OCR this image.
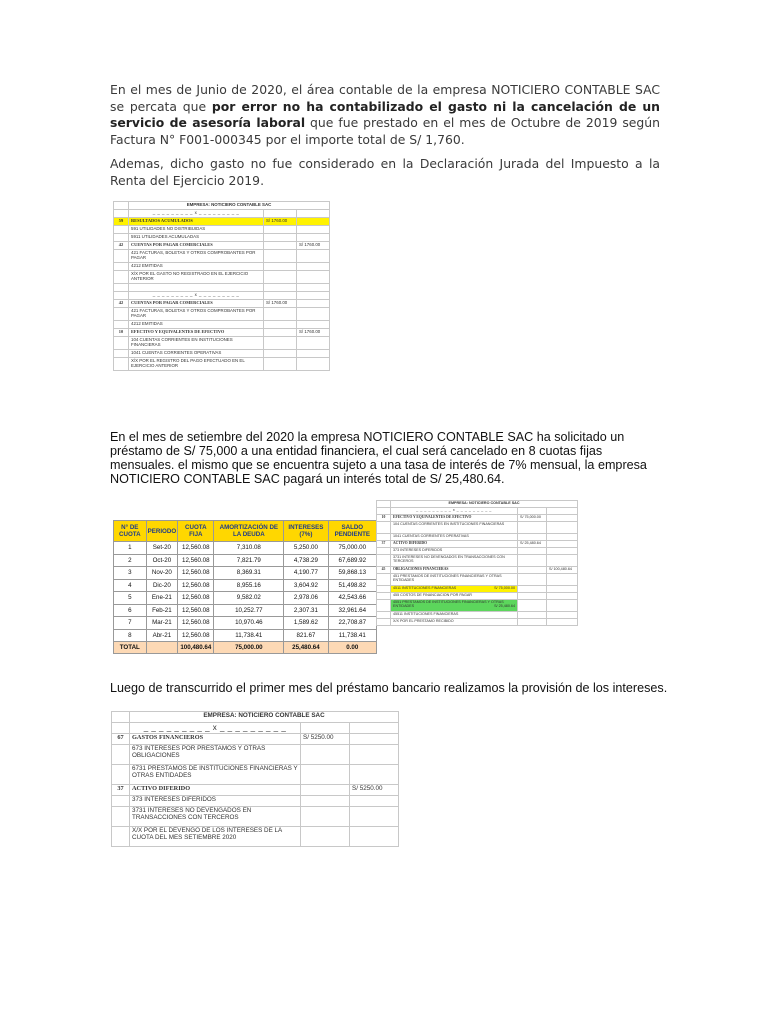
En el mes de Junio de 2020, el área contable de la empresa NOTICIERO CONTABLE SAC se percata que por error no ha contabilizado el gasto ni la cancelación de un servicio de asesoría laboral que fue prestado en el mes de Octubre de 2019 según Factura N° F001-000345 por el importe total de S/ 1,760.

Ademas, dicho gasto no fue considerado en la Declaración Jurada del Impuesto a la Renta del Ejercicio 2019.

	EMPRESA: NOTICIERO CONTABLE SAC		
	_ _ _ _ _ _ _ _ _ x _ _ _ _ _ _ _ _ _		
59	RESULTADOS ACUMULADOS	S/ 1760.00	
	591 UTILIDADES NO DISTRIBUIDAS		
	5911 UTILIDADES ACUMULADAS		
42	CUENTAS POR PAGAR COMERCIALES		S/ 1760.00
	421 FACTURAS, BOLETAS Y OTROS COMPROBANTES POR PAGAR		
	4212 EMITIDAS		
	X/X POR EL GASTO NO REGISTRADO EN EL EJERCICIO ANTERIOR		

	_ _ _ _ _ _ _ _ _ x _ _ _ _ _ _ _ _ _		
42	CUENTAS POR PAGAR COMERCIALES	S/ 1760.00	
	421 FACTURAS, BOLETAS Y OTROS COMPROBANTES POR PAGAR		
	4212 EMITIDAS		
10	EFECTIVO Y EQUIVALENTES DE EFECTIVO		S/ 1760.00
	104 CUENTAS CORRIENTES EN INSTITUCIONES FINANCIERAS		
	1041 CUENTAS CORRIENTES OPERATIVAS		
	X/X POR EL REGISTRO DEL PAGO EFECTUADO EN EL EJERCICIO ANTERIOR		

En el mes de setiembre del 2020 la empresa NOTICIERO CONTABLE SAC ha solicitado un préstamo de S/ 75,000 a una entidad financiera, el cual será cancelado en 8 cuotas fijas mensuales. el mismo que se encuentra sujeto a una tasa de interés de 7% mensual, la empresa NOTICIERO CONTABLE SAC pagará un interés total de S/ 25,480.64.

N° DE CUOTA	PERIODO	CUOTA FIJA	AMORTIZACIÓN DE LA DEUDA	INTERESES (7%)	SALDO PENDIENTE
1	Set-20	12,560.08	7,310.08	5,250.00	75,000.00
2	Oct-20	12,560.08	7,821.79	4,738.29	67,689.92
3	Nov-20	12,560.08	8,369.31	4,190.77	59,868.13
4	Dic-20	12,560.08	8,955.16	3,604.92	51,498.82
5	Ene-21	12,560.08	9,582.02	2,978.06	42,543.66
6	Feb-21	12,560.08	10,252.77	2,307.31	32,961.64
7	Mar-21	12,560.08	10,970.46	1,589.62	22,708.87
8	Abr-21	12,560.08	11,738.41	821.67	11,738.41
TOTAL		100,480.64	75,000.00	25,480.64	0.00
	EMPRESA: NOTICIERO CONTABLE SAC		
	_ _ _ _ _ _ _ _ _ x _ _ _ _ _ _ _ _ _		
10	EFECTIVO Y EQUIVALENTES DE EFECTIVO	S/ 75,000.00	
	104 CUENTAS CORRIENTES EN INSTITUCIONES FINANCIERAS		
	1041 CUENTAS CORRIENTES OPERATIVAS		
37	ACTIVO DIFERIDO	S/ 25,480.64	
	373 INTERESES DIFERIDOS		
	3731 INTERESES NO DEVENGADOS EN TRANSACCIONES CON TERCEROS		
45	OBLIGACIONES FINANCIERAS		S/ 100,480.64
	451 PRESTAMOS DE INSTITUCIONES FINANCIERAS Y OTRAS ENTIDADES		
	4511 INSTITUCIONES FINANCIERAS S/ 75,000.00		

	455 COSTOS DE FINANCIACION POR PAGAR		
	4551 PRESTAMOS DE INSTITUCIONES FINANCIERAS Y OTRAS ENTIDADES S/ 25,480.64		

	45511 INSTITUCIONES FINANCIERAS		
	X/X POR EL PRESTAMO RECIBIDO		

Luego de transcurrido el primer mes del préstamo bancario realizamos la provisión de los intereses.

	EMPRESA: NOTICIERO CONTABLE SAC		
	_ _ _ _ _ _ _ _ _ x _ _ _ _ _ _ _ _ _		
67	GASTOS FINANCIEROS	S/ 5250.00	
	673 INTERESES POR PRESTAMOS Y OTRAS OBLIGACIONES		
	6731 PRESTAMOS DE INSTITUCIONES FINANCIERAS Y OTRAS ENTIDADES		
37	ACTIVO DIFERIDO		S/ 5250.00
	373 INTERESES DIFERIDOS		
	3731 INTERESES NO DEVENGADOS EN TRANSACCIONES CON TERCEROS		
	X/X POR EL DEVENGO DE LOS INTERESES DE LA CUOTA DEL MES SETIEMBRE 2020		
